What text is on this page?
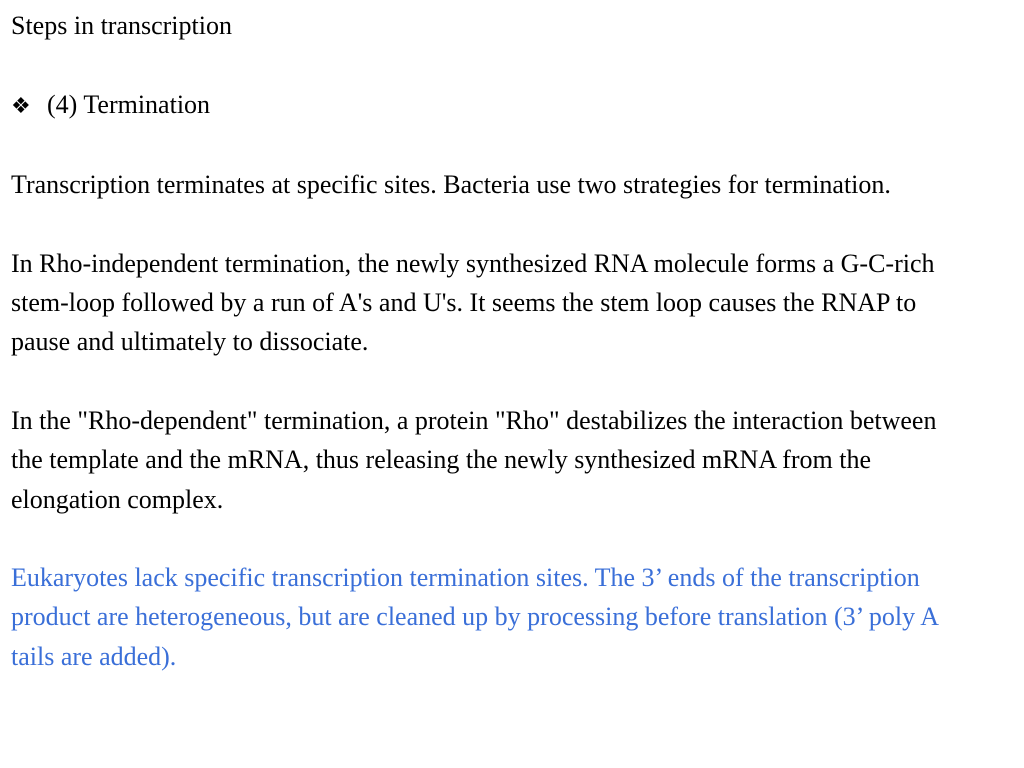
Steps in transcription
❖ (4) Termination
Transcription terminates at specific sites. Bacteria use two strategies for termination.
In Rho-independent termination, the newly synthesized RNA molecule forms a G-C-rich stem-loop followed by a run of A's and U's. It seems the stem loop causes the RNAP to pause and ultimately to dissociate.
In the "Rho-dependent" termination, a protein "Rho" destabilizes the interaction between the template and the mRNA, thus releasing the newly synthesized mRNA from the elongation complex.
Eukaryotes lack specific transcription termination sites. The 3’ ends of the transcription product are heterogeneous, but are cleaned up by processing before translation (3’ poly A tails are added).
